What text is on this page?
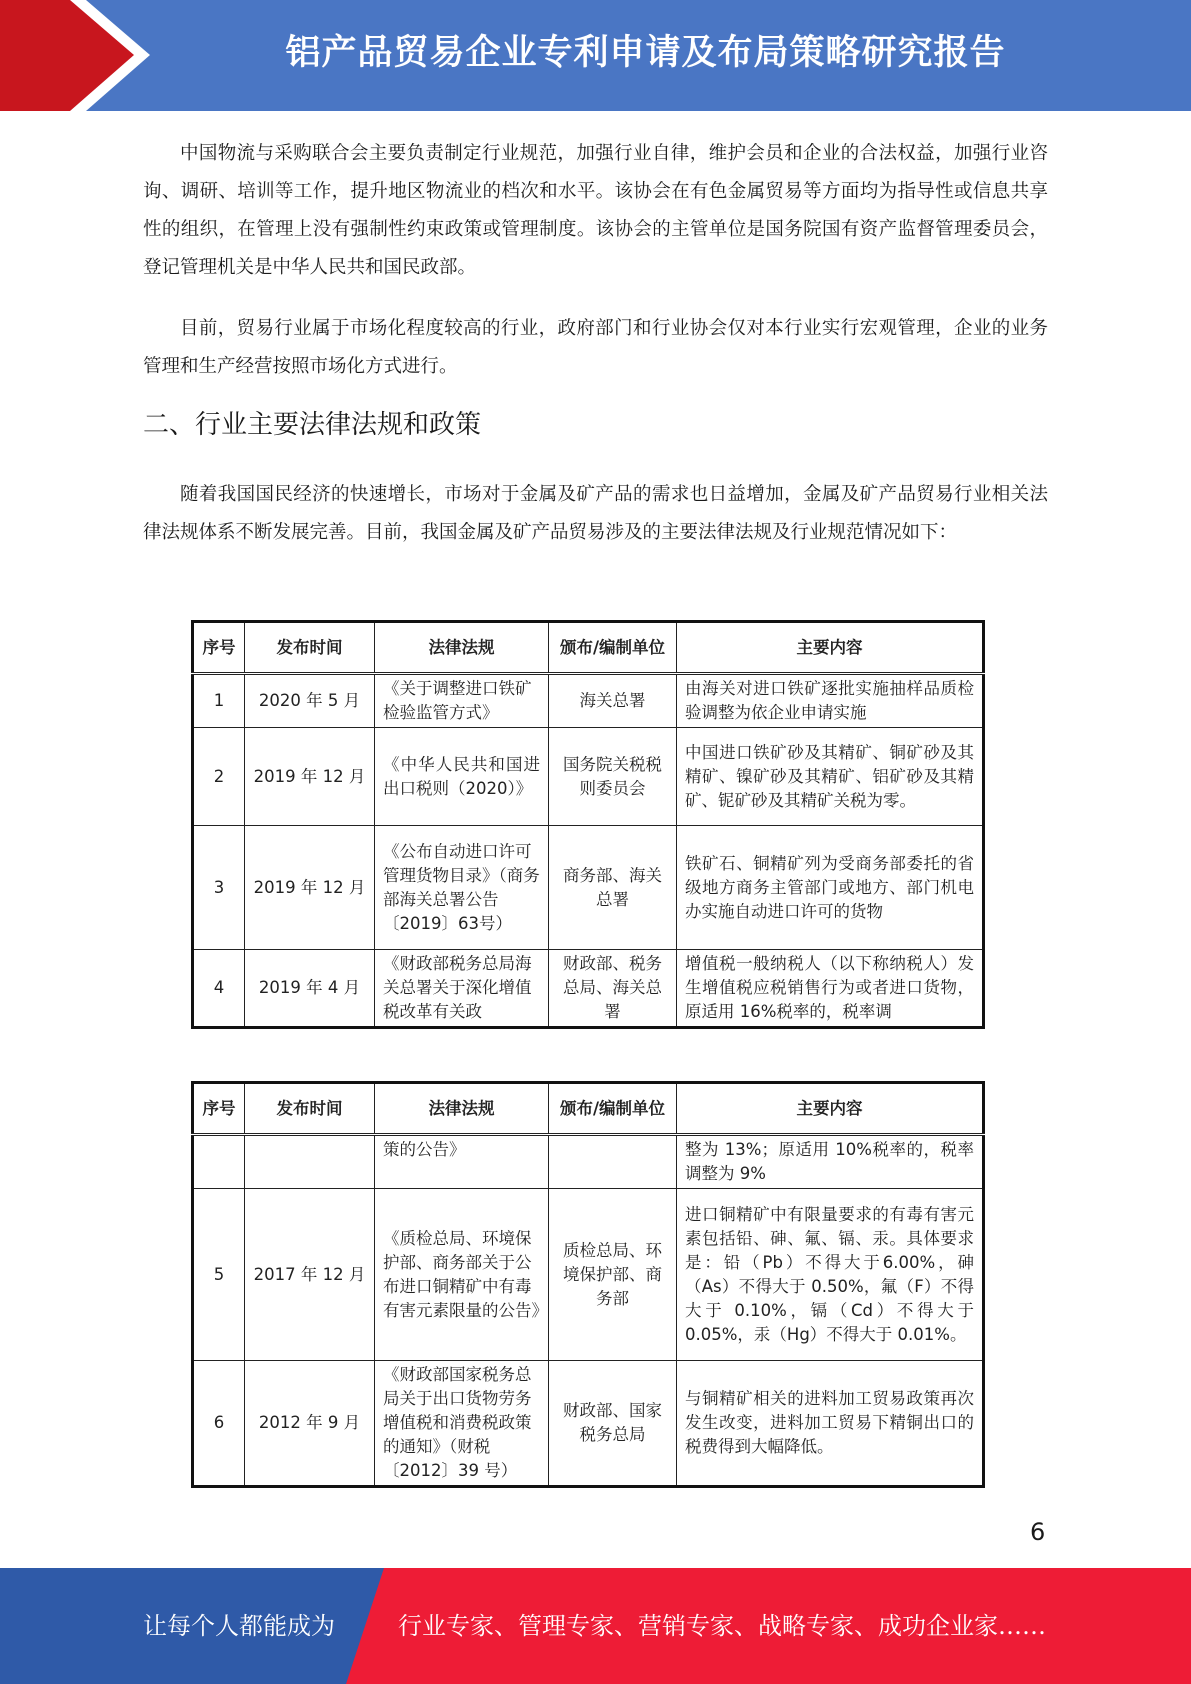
铝产品贸易企业专利申请及布局策略研究报告

中国物流与采购联合会主要负责制定行业规范，加强行业自律，维护会员和企业的合法权益，加强行业咨询、调研、培训等工作，提升地区物流业的档次和水平。该协会在有色金属贸易等方面均为指导性或信息共享性的组织，在管理上没有强制性约束政策或管理制度。该协会的主管单位是国务院国有资产监督管理委员会，登记管理机关是中华人民共和国民政部。

目前，贸易行业属于市场化程度较高的行业，政府部门和行业协会仅对本行业实行宏观管理，企业的业务管理和生产经营按照市场化方式进行。

二、行业主要法律法规和政策

随着我国国民经济的快速增长，市场对于金属及矿产品的需求也日益增加，金属及矿产品贸易行业相关法律法规体系不断发展完善。目前，我国金属及矿产品贸易涉及的主要法律法规及行业规范情况如下：

序号	发布时间	法律法规	颁布/编制单位	主要内容
1	2020 年 5 月	《关于调整进口铁矿检验监管方式》	海关总署	由海关对进口铁矿逐批实施抽样品质检验调整为依企业申请实施
2	2019 年 12 月	《中华人民共和国进出口税则（2020）》	国务院关税税则委员会	中国进口铁矿砂及其精矿、铜矿砂及其精矿、镍矿砂及其精矿、铝矿砂及其精矿、铌矿砂及其精矿关税为零。
3	2019 年 12 月	《公布自动进口许可管理货物目录》（商务部海关总署公告〔2019〕63号）	商务部、海关总署	铁矿石、铜精矿列为受商务部委托的省级地方商务主管部门或地方、部门机电办实施自动进口许可的货物
4	2019 年 4 月	《财政部税务总局海关总署关于深化增值税改革有关政	财政部、税务总局、海关总署	增值税一般纳税人（以下称纳税人）发生增值税应税销售行为或者进口货物，原适用 16%税率的，税率调
序号	发布时间	法律法规	颁布/编制单位	主要内容
		策的公告》		整为 13%；原适用 10%税率的，税率调整为 9%
5	2017 年 12 月	《质检总局、环境保护部、商务部关于公布进口铜精矿中有毒有害元素限量的公告》	质检总局、环境保护部、商务部	进口铜精矿中有限量要求的有毒有害元素包括铅、砷、氟、镉、汞。具体要求是：铅（Pb）不得大于6.00%，砷（As）不得大于 0.50%，氟（F）不得大于 0.10%，镉（Cd）不得大于 0.05%，汞（Hg）不得大于 0.01%。
6	2012 年 9 月	《财政部国家税务总局关于出口货物劳务增值税和消费税政策的通知》（财税〔2012〕39 号）	财政部、国家税务总局	与铜精矿相关的进料加工贸易政策再次发生改变，进料加工贸易下精铜出口的税费得到大幅降低。
6
让每个人都能成为	行业专家、管理专家、营销专家、战略专家、成功企业家……
